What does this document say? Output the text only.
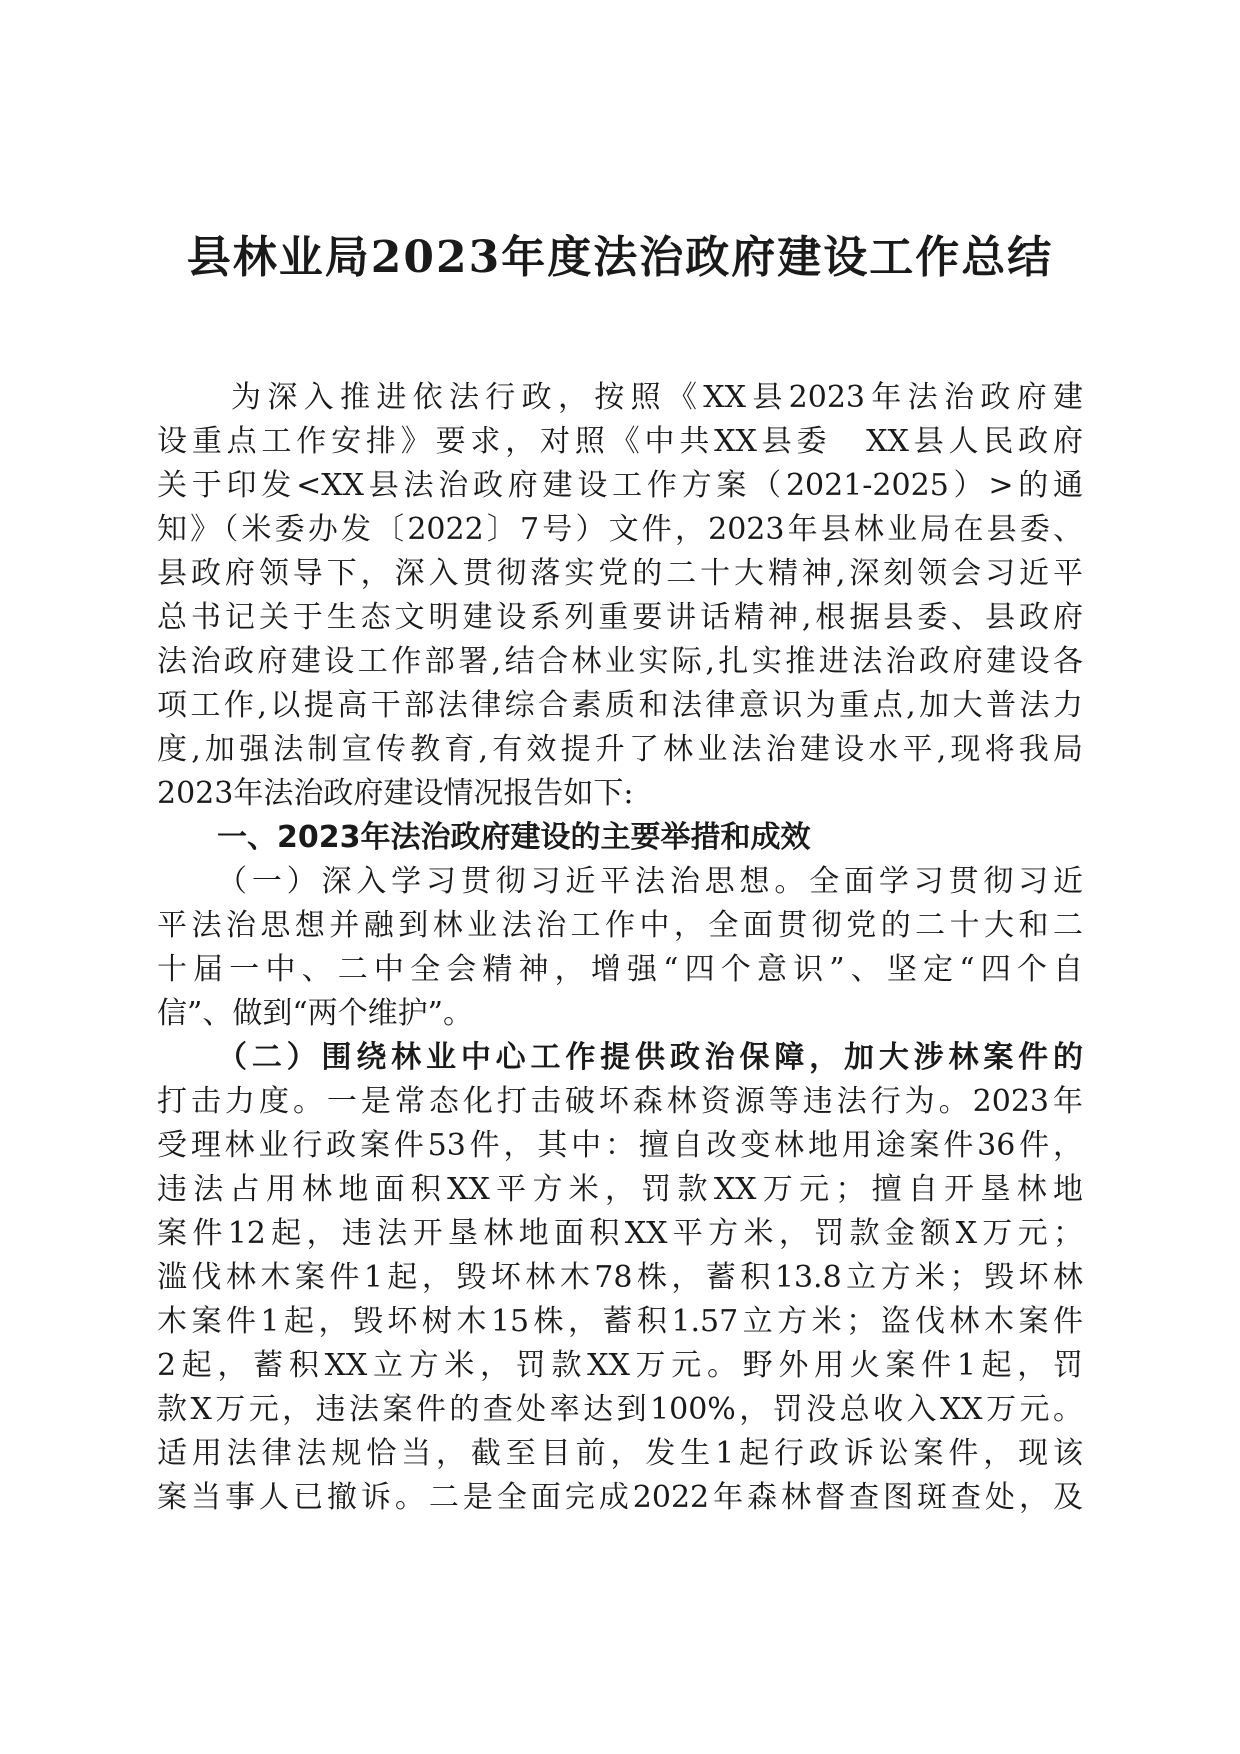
县林业局2023年度法治政府建设工作总结

为深入推进依法行政，按照《XX县2023年法治政府建

设重点工作安排》要求，对照《中共XX县委　XX县人民政府

关于印发<XX县法治政府建设工作方案（2021-2025）>的通

知》（米委办发〔2022〕7号）文件，2023年县林业局在县委、

县政府领导下，深入贯彻落实党的二十大精神,深刻领会习近平

总书记关于生态文明建设系列重要讲话精神,根据县委、县政府

法治政府建设工作部署,结合林业实际,扎实推进法治政府建设各

项工作,以提高干部法律综合素质和法律意识为重点,加大普法力

度,加强法制宣传教育,有效提升了林业法治建设水平,现将我局

2023年法治政府建设情况报告如下:

一、2023年法治政府建设的主要举措和成效

（一）深入学习贯彻习近平法治思想。全面学习贯彻习近

平法治思想并融到林业法治工作中，全面贯彻党的二十大和二

十届一中、二中全会精神，增强“四个意识”、坚定“四个自

信”、做到“两个维护”。

（二）围绕林业中心工作提供政治保障，加大涉林案件的

打击力度。一是常态化打击破坏森林资源等违法行为。2023年

受理林业行政案件53件，其中：擅自改变林地用途案件36件，

违法占用林地面积XX平方米，罚款XX万元；擅自开垦林地

案件12起，违法开垦林地面积XX平方米，罚款金额X万元；

滥伐林木案件1起，毁坏林木78株，蓄积13.8立方米；毁坏林

木案件1起，毁坏树木15株，蓄积1.57立方米；盗伐林木案件

2起，蓄积XX立方米，罚款XX万元。野外用火案件1起，罚

款X万元，违法案件的查处率达到100%，罚没总收入XX万元。

适用法律法规恰当，截至目前，发生1起行政诉讼案件，现该

案当事人已撤诉。二是全面完成2022年森林督查图斑查处，及
